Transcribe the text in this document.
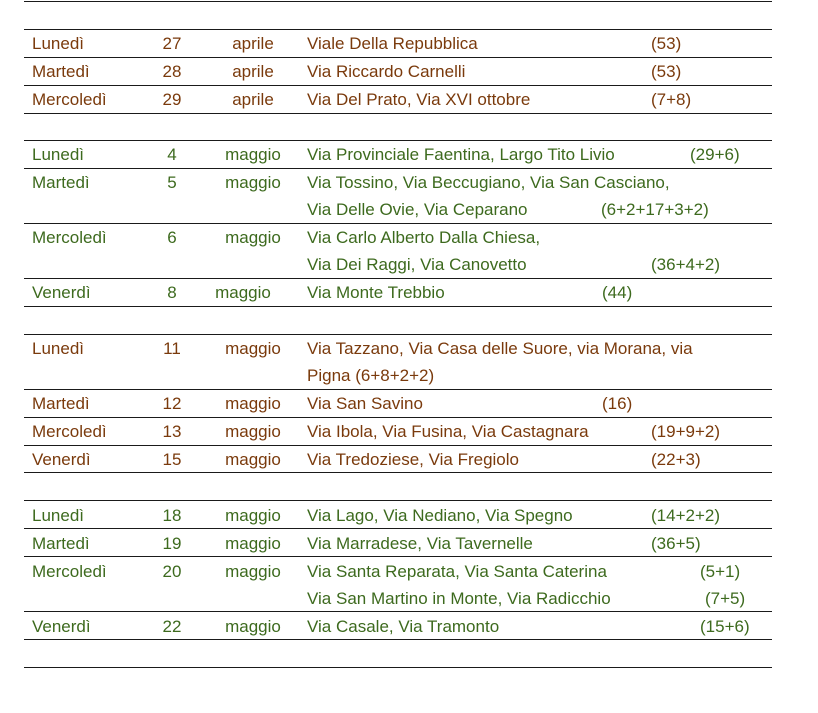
Lunedì	27	aprile	Viale Della Repubblica	(53)
Martedì	28	aprile	Via Riccardo Carnelli	(53)
Mercoledì	29	aprile	Via Del Prato, Via XVI ottobre	(7+8)
Lunedì	4	maggio	Via Provinciale Faentina, Largo Tito Livio	(29+6)
Martedì	5	maggio	Via Tossino, Via Beccugiano, Via San Casciano,
Via Delle Ovie, Via Ceparano	(6+2+17+3+2)
Mercoledì	6	maggio	Via Carlo Alberto Dalla Chiesa,
Via Dei Raggi, Via Canovetto	(36+4+2)
Venerdì	8	maggio	Via Monte Trebbio	(44)
Lunedì	11	maggio	Via Tazzano, Via Casa delle Suore, via Morana, via
Pigna (6+8+2+2)
Martedì	12	maggio	Via San Savino	(16)
Mercoledì	13	maggio	Via Ibola, Via Fusina, Via Castagnara	(19+9+2)
Venerdì	15	maggio	Via Tredoziese, Via Fregiolo	(22+3)
Lunedì	18	maggio	Via Lago, Via Nediano, Via Spegno	(14+2+2)
Martedì	19	maggio	Via Marradese, Via Tavernelle	(36+5)
Mercoledì	20	maggio	Via Santa Reparata, Via Santa Caterina	(5+1)
Via San Martino in Monte, Via Radicchio	(7+5)
Venerdì	22	maggio	Via Casale, Via Tramonto	(15+6)
